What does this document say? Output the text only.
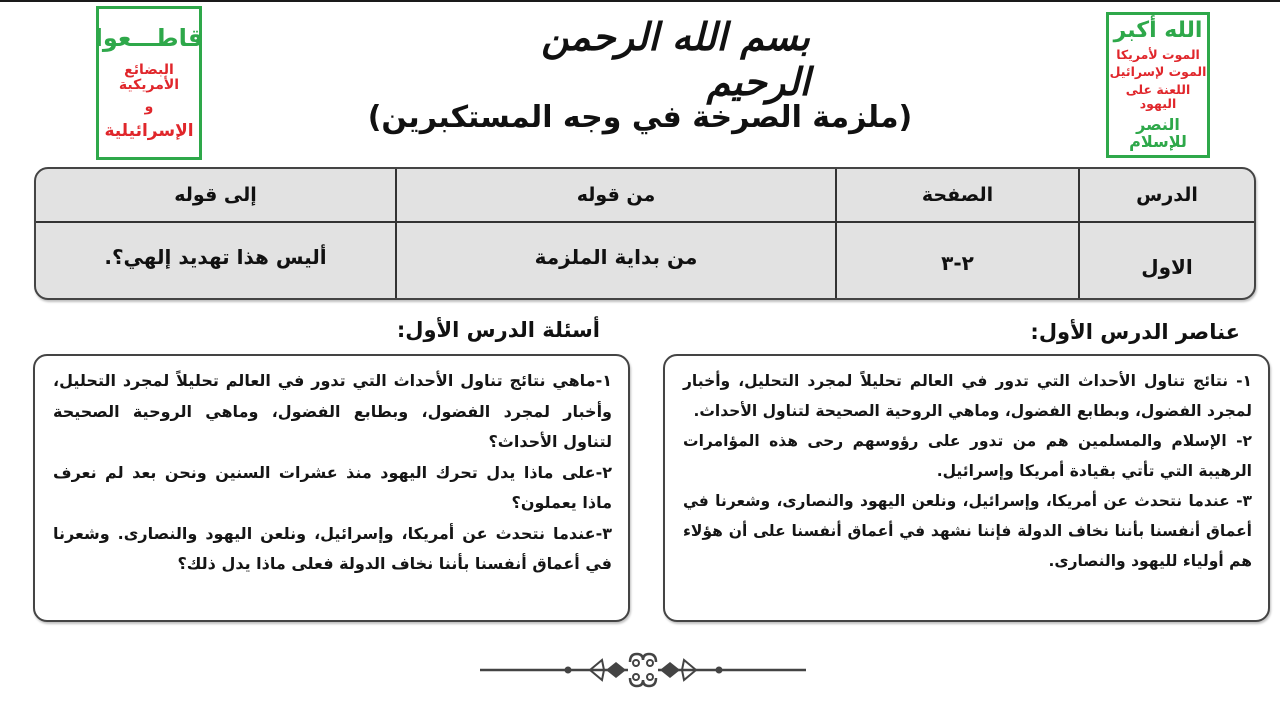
الله أكبر
الموت لأمريكا
الموت لإسرائيل
اللعنة على اليهود
النصر للإسلام
قاطـــعوا
البضائع الأمريكية
و
الإسرائيلية
بسم الله الرحمن الرحيم
(ملزمة الصرخة في وجه المستكبرين)
الدرس
الصفحة
من قوله
إلى قوله
الاول
٢-٣
من بداية الملزمة
أليس هذا تهديد إلهي؟.
عناصر الدرس الأول:
أسئلة الدرس الأول:

١- نتائج تناول الأحداث التي تدور في العالم تحليلاً لمجرد التحليل، وأخبار لمجرد الفضول، وبطابع الفضول، وماهي الروحية الصحيحة لتناول الأحداث.

٢- الإسلام والمسلمين هم من تدور على رؤوسهم رحى هذه المؤامرات الرهيبة التي تأتي بقيادة أمريكا وإسرائيل.

٣- عندما نتحدث عن أمريكا، وإسرائيل، ونلعن اليهود والنصارى، وشعرنا في أعماق أنفسنا بأننا نخاف الدولة فإننا نشهد في أعماق أنفسنا على أن هؤلاء هم أولياء لليهود والنصارى.

١-ماهي نتائج تناول الأحداث التي تدور في العالم تحليلاً لمجرد التحليل، وأخبار لمجرد الفضول، وبطابع الفضول، وماهي الروحية الصحيحة لتناول الأحداث؟

٢-على ماذا يدل تحرك اليهود منذ عشرات السنين ونحن بعد لم نعرف ماذا يعملون؟

٣-عندما نتحدث عن أمريكا، وإسرائيل، ونلعن اليهود والنصارى. وشعرنا في أعماق أنفسنا بأننا نخاف الدولة فعلى ماذا يدل ذلك؟
